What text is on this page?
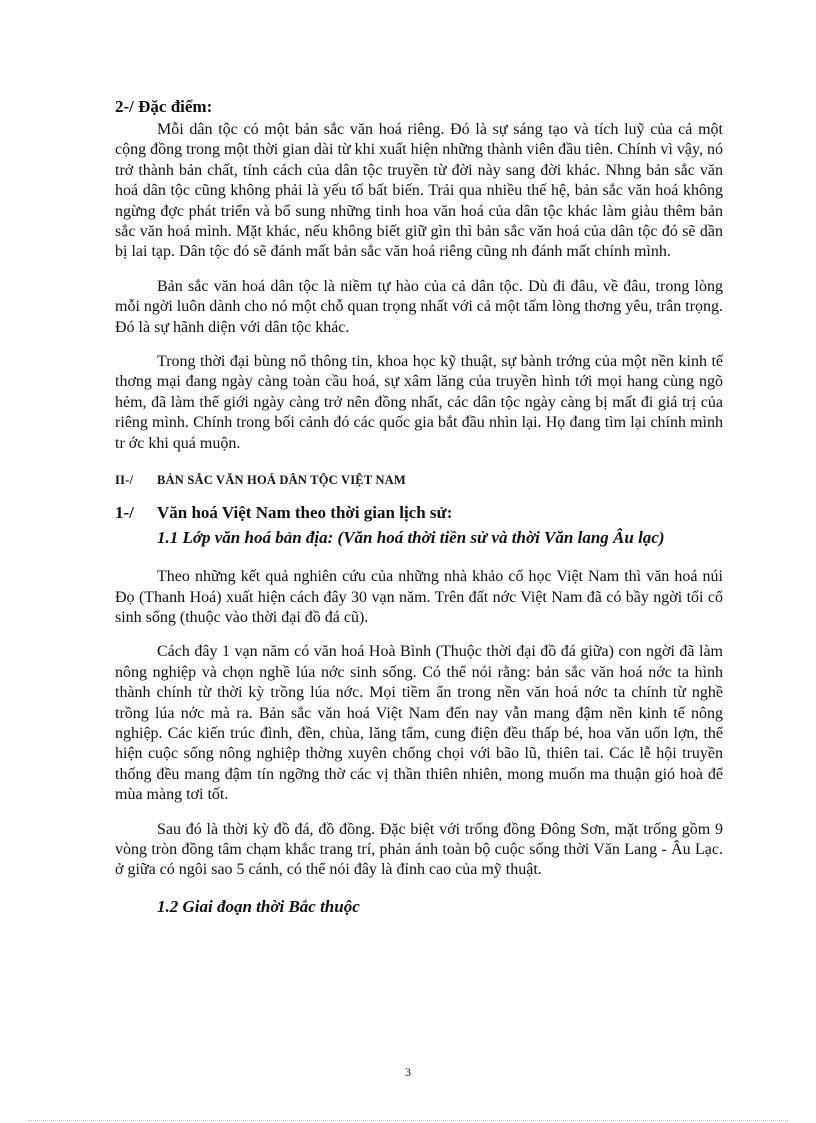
2-/ Đặc điểm:

Mỗi dân tộc có một bản sắc văn hoá riêng. Đó là sự sáng tạo và tích luỹ của cả một cộng đồng trong một thời gian dài từ khi xuất hiện những thành viên đầu tiên. Chính vì vậy, nó trở thành bản chất, tính cách của dân tộc truyền từ đời này sang đời khác. Nhng bản sắc văn hoá dân tộc cũng không phải là yếu tố bất biến. Trải qua nhiều thế hệ, bản sắc văn hoá không ngừng đợc phát triển và bổ sung những tinh hoa văn hoá của dân tộc khác làm giàu thêm bản sắc văn hoá mình. Mặt khác, nếu không biết giữ gìn thì bản sắc văn hoá của dân tộc đó sẽ dần bị lai tạp. Dân tộc đó sẽ đánh mất bản sắc văn hoá riêng cũng nh đánh mất chính mình.

Bản sắc văn hoá dân tộc là niềm tự hào của cả dân tộc. Dù đi đâu, về đâu, trong lòng mỗi ngời luôn dành cho nó một chỗ quan trọng nhất với cả một tấm lòng thơng yêu, trân trọng. Đó là sự hãnh diện với dân tộc khác.

Trong thời đại bùng nổ thông tin, khoa học kỹ thuật, sự bành trớng của một nền kinh tế thơng mại đang ngày càng toàn cầu hoá, sự xâm lăng của truyền hình tới mọi hang cùng ngõ hẻm, đã làm thế giới ngày càng trở nên đồng nhất, các dân tộc ngày càng bị mất đi giá trị của riêng mình. Chính trong bối cảnh đó các quốc gia bắt đầu nhìn lại. Họ đang tìm lại chính mình tr ớc khi quá muộn.

II-/ BẢN SẮC VĂN HOÁ DÂN TỘC VIỆT NAM

1-/ Văn hoá Việt Nam theo thời gian lịch sử:

1.1 Lớp văn hoá bản địa: (Văn hoá thời tiền sử và thời Văn lang Âu lạc)

Theo những kết quả nghiên cứu của những nhà khảo cổ học Việt Nam thì văn hoá núi Đọ (Thanh Hoá) xuất hiện cách đây 30 vạn năm. Trên đất nớc Việt Nam đã có bầy ngời tối cổ sinh sống (thuộc vào thời đại đồ đá cũ).

Cách đây 1 vạn năm có văn hoá Hoà Bình (Thuộc thời đại đồ đá giữa) con ngời đã làm nông nghiệp và chọn nghề lúa nớc sinh sống. Có thể nói rằng: bản sắc văn hoá nớc ta hình thành chính từ thời kỳ trồng lúa nớc. Mọi tiềm ẩn trong nền văn hoá nớc ta chính từ nghề trồng lúa nớc mà ra. Bản sắc văn hoá Việt Nam đến nay vẫn mang đậm nền kinh tế nông nghiệp. Các kiến trúc đình, đền, chùa, lăng tẩm, cung điện đều thấp bé, hoa văn uốn lợn, thể hiện cuộc sống nông nghiệp thờng xuyên chống chọi với bão lũ, thiên tai. Các lễ hội truyền thống đều mang đậm tín ngỡng thờ các vị thần thiên nhiên, mong muốn ma thuận gió hoà để mùa màng tơi tốt.

Sau đó là thời kỳ đồ đá, đồ đồng. Đặc biệt với trống đồng Đông Sơn, mặt trống gồm 9 vòng tròn đồng tâm chạm khắc trang trí, phản ánh toàn bộ cuộc sống thời Văn Lang - Âu Lạc. ở giữa có ngôi sao 5 cánh, có thể nói đây là đỉnh cao của mỹ thuật.

1.2 Giai đoạn thời Bắc thuộc

3
